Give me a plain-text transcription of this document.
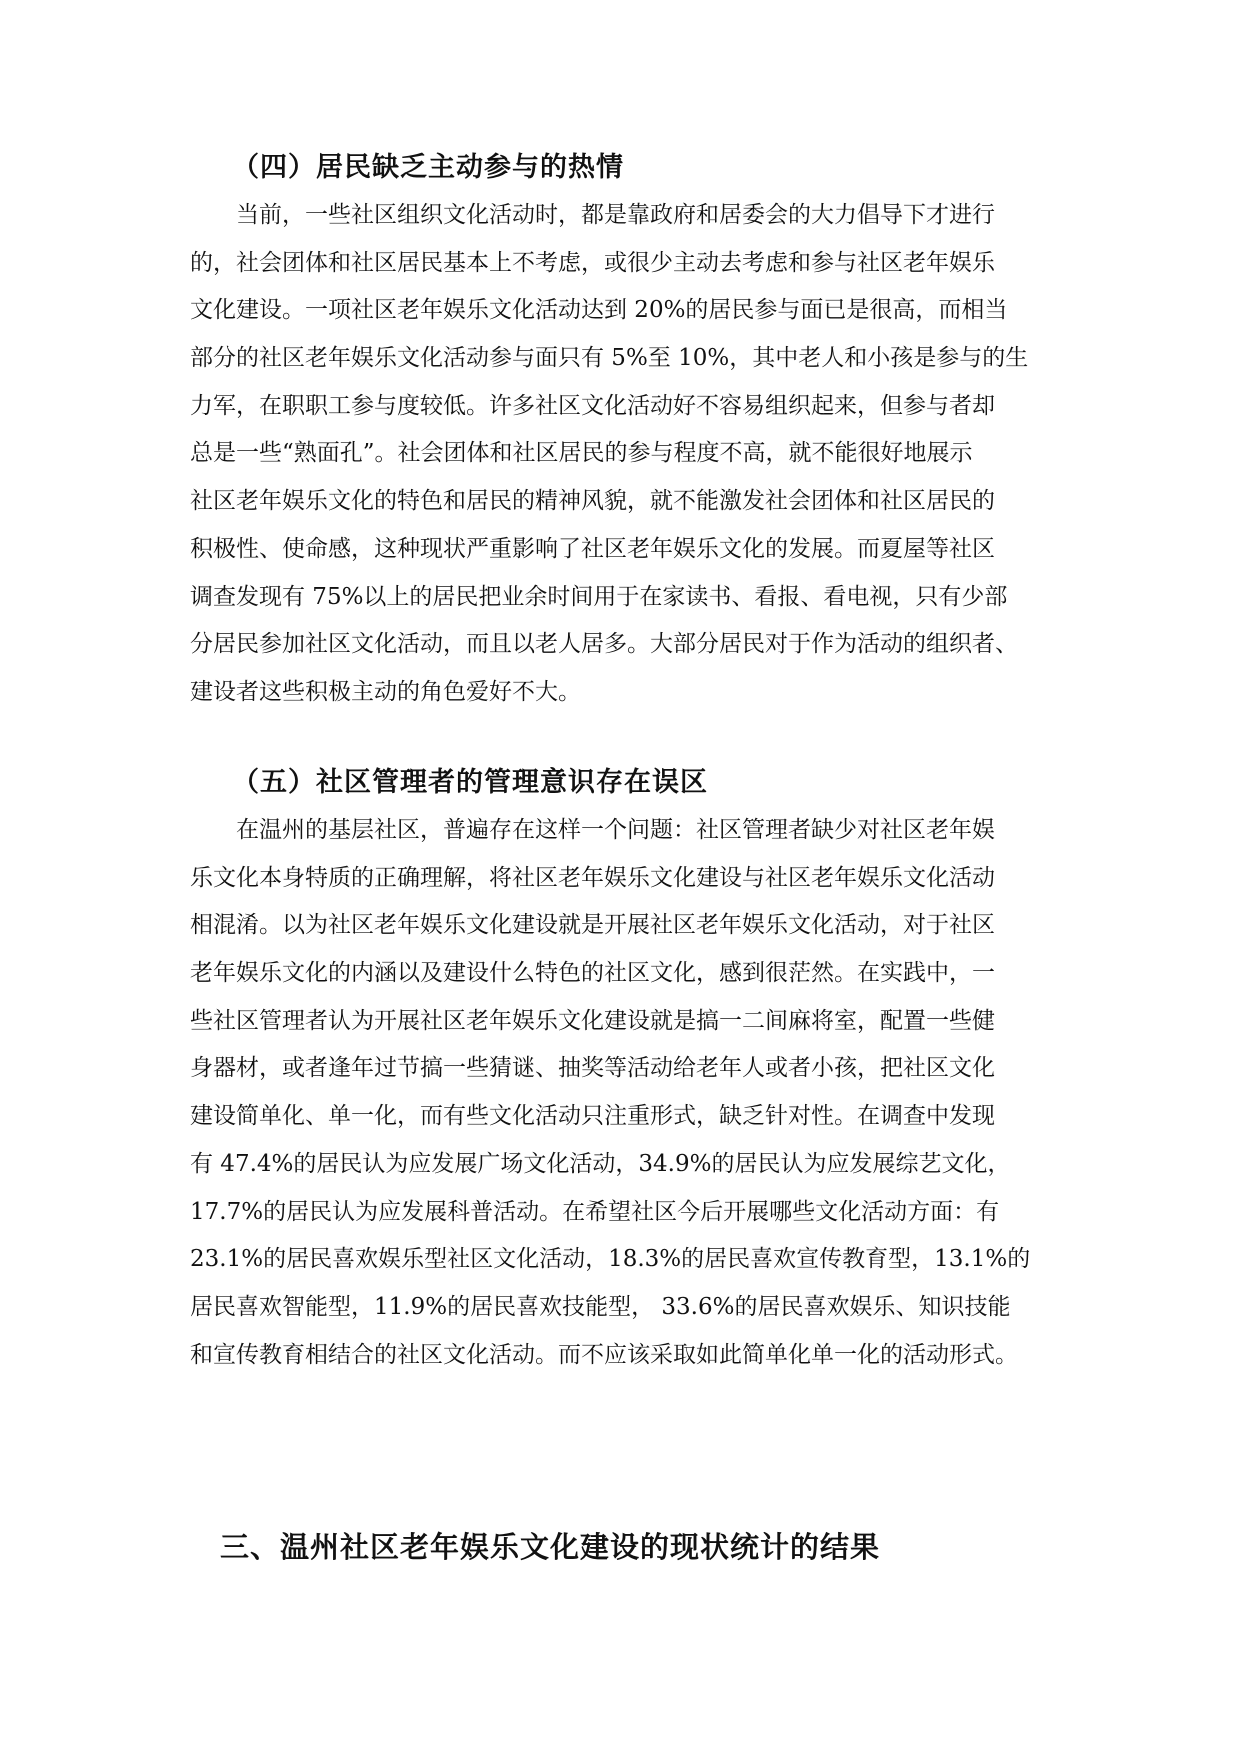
（四）居民缺乏主动参与的热情
当前，一些社区组织文化活动时，都是靠政府和居委会的大力倡导下才进行
的，社会团体和社区居民基本上不考虑，或很少主动去考虑和参与社区老年娱乐
文化建设。一项社区老年娱乐文化活动达到 20%的居民参与面已是很高，而相当
部分的社区老年娱乐文化活动参与面只有 5%至 10%，其中老人和小孩是参与的生
力军，在职职工参与度较低。许多社区文化活动好不容易组织起来，但参与者却
总是一些“熟面孔”。社会团体和社区居民的参与程度不高，就不能很好地展示
社区老年娱乐文化的特色和居民的精神风貌，就不能激发社会团体和社区居民的
积极性、使命感，这种现状严重影响了社区老年娱乐文化的发展。而夏屋等社区
调查发现有 75%以上的居民把业余时间用于在家读书、看报、看电视，只有少部
分居民参加社区文化活动，而且以老人居多。大部分居民对于作为活动的组织者、
建设者这些积极主动的角色爱好不大。
（五）社区管理者的管理意识存在误区
在温州的基层社区，普遍存在这样一个问题：社区管理者缺少对社区老年娱
乐文化本身特质的正确理解，将社区老年娱乐文化建设与社区老年娱乐文化活动
相混淆。以为社区老年娱乐文化建设就是开展社区老年娱乐文化活动，对于社区
老年娱乐文化的内涵以及建设什么特色的社区文化，感到很茫然。在实践中，一
些社区管理者认为开展社区老年娱乐文化建设就是搞一二间麻将室，配置一些健
身器材，或者逢年过节搞一些猜谜、抽奖等活动给老年人或者小孩，把社区文化
建设简单化、单一化，而有些文化活动只注重形式，缺乏针对性。在调查中发现
有 47.4%的居民认为应发展广场文化活动，34.9%的居民认为应发展综艺文化，
17.7%的居民认为应发展科普活动。在希望社区今后开展哪些文化活动方面：有
23.1%的居民喜欢娱乐型社区文化活动，18.3%的居民喜欢宣传教育型，13.1%的
居民喜欢智能型，11.9%的居民喜欢技能型， 33.6%的居民喜欢娱乐、知识技能
和宣传教育相结合的社区文化活动。而不应该采取如此简单化单一化的活动形式。
三、温州社区老年娱乐文化建设的现状统计的结果
